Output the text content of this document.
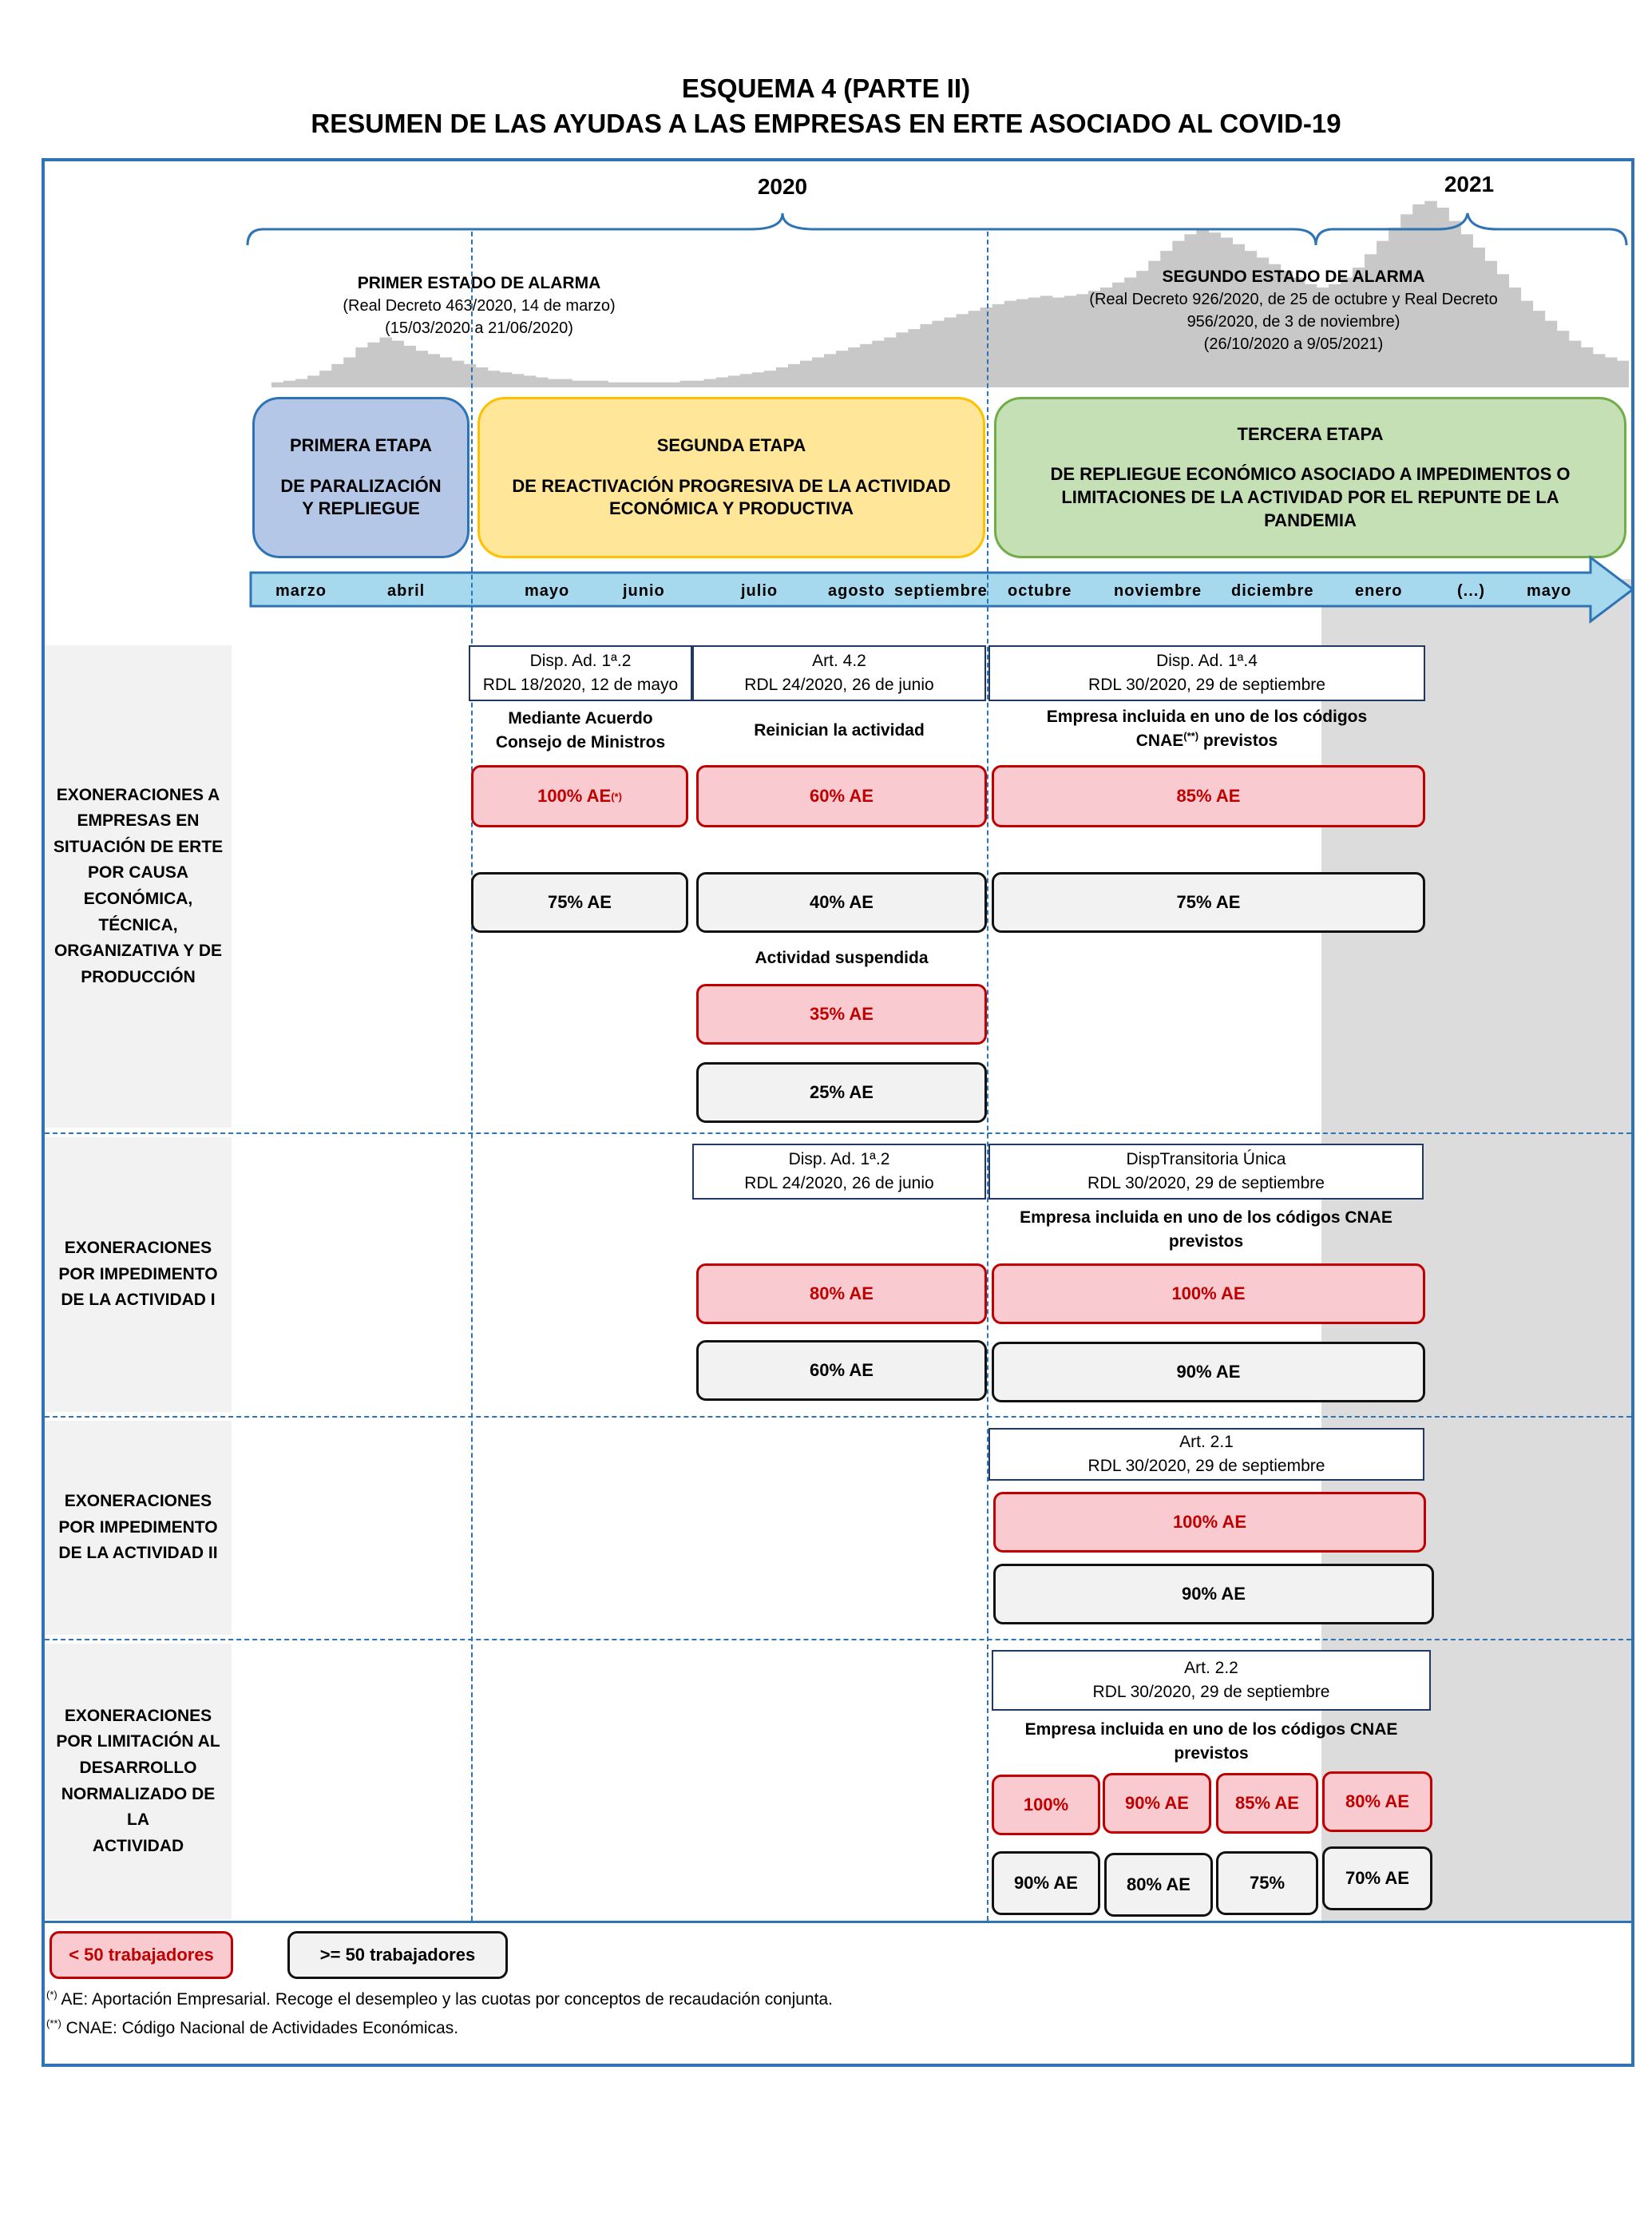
ESQUEMA 4 (PARTE II)
RESUMEN DE LAS AYUDAS A LAS EMPRESAS EN ERTE ASOCIADO AL COVID-19
2020	2021
PRIMER ESTADO DE ALARMA
(Real Decreto 463/2020, 14 de marzo)
(15/03/2020 a 21/06/2020)
SEGUNDO ESTADO DE ALARMA
(Real Decreto 926/2020, de 25 de octubre y Real Decreto
956/2020, de 3 de noviembre)
(26/10/2020 a 9/05/2021)
PRIMERA ETAPA
DE PARALIZACIÓN
Y REPLIEGUE
SEGUNDA ETAPA
DE REACTIVACIÓN PROGRESIVA DE LA ACTIVIDAD
ECONÓMICA Y PRODUCTIVA
TERCERA ETAPA
DE REPLIEGUE ECONÓMICO ASOCIADO A IMPEDIMENTOS O
LIMITACIONES DE LA ACTIVIDAD POR EL REPUNTE DE LA
PANDEMIA
marzo	abril	mayo	junio	julio	agosto septiembre octubre	noviembre diciembre	enero	(...)	mayo
EXONERACIONES A
EMPRESAS EN
SITUACIÓN DE ERTE
POR CAUSA
ECONÓMICA,
TÉCNICA,
ORGANIZATIVA Y DE
PRODUCCIÓN
EXONERACIONES
POR IMPEDIMENTO
DE LA ACTIVIDAD I
EXONERACIONES
POR IMPEDIMENTO
DE LA ACTIVIDAD II
EXONERACIONES
POR LIMITACIÓN AL
DESARROLLO
NORMALIZADO DE LA
ACTIVIDAD
Disp. Ad. 1ª.2
RDL 18/2020, 12 de mayo
Art. 4.2
RDL 24/2020, 26 de junio
Disp. Ad. 1ª.4
RDL 30/2020, 29 de septiembre
Mediante Acuerdo
Consejo de Ministros
Reinician la actividad
Empresa incluida en uno de los códigos
CNAE(**) previstos
100% AE (*)	60% AE	85% AE
75% AE	40% AE	75% AE
Actividad suspendida
35% AE
25% AE
Disp. Ad. 1ª.2
RDL 24/2020, 26 de junio
DispTransitoria Única
RDL 30/2020, 29 de septiembre
Empresa incluida en uno de los códigos CNAE
previstos
80% AE	100% AE
60% AE	90% AE
Art. 2.1
RDL 30/2020, 29 de septiembre
100% AE
90% AE
Art. 2.2
RDL 30/2020, 29 de septiembre
Empresa incluida en uno de los códigos CNAE
previstos
100%	90% AE	85% AE	80% AE
90% AE	80% AE	75%	70% AE
< 50 trabajadores	>= 50 trabajadores
(*) AE: Aportación Empresarial. Recoge el desempleo y las cuotas por conceptos de recaudación conjunta.
(**) CNAE: Código Nacional de Actividades Económicas.
